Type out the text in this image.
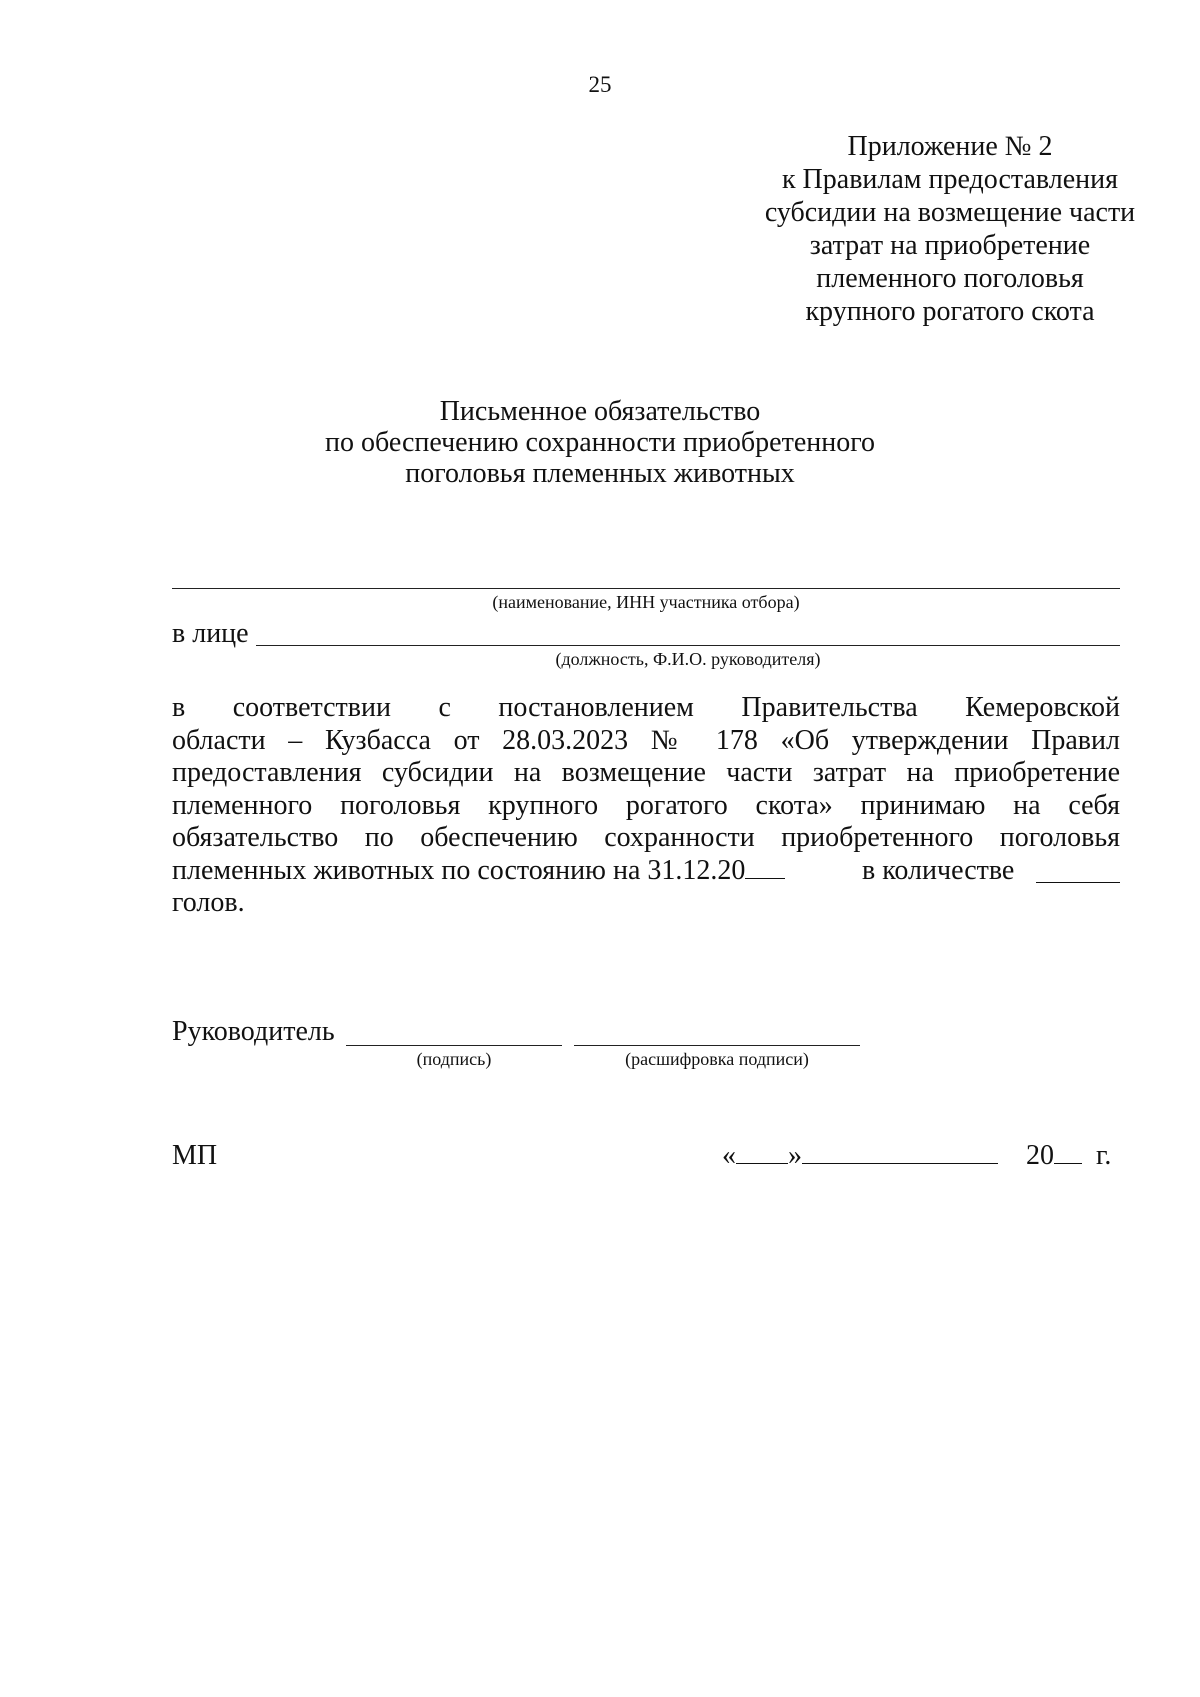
25
Приложение № 2
к Правилам предоставления
субсидии на возмещение части
затрат на приобретение
племенного поголовья
крупного рогатого скота
Письменное обязательство
по обеспечению сохранности приобретенного
поголовья племенных животных
(наименование, ИНН участника отбора)
в лице
(должность, Ф.И.О. руководителя)
в соответствии с постановлением Правительства Кемеровской
области – Кузбасса от 28.03.2023 № 178 «Об утверждении Правил
предоставления субсидии на возмещение части затрат на приобретение
племенного поголовья крупного рогатого скота» принимаю на себя
обязательство по обеспечению сохранности приобретенного поголовья
племенных животных по состоянию на 31.12.20	в количестве
голов.
Руководитель
(подпись)	(расшифровка подписи)
МП	« »	20	г.
